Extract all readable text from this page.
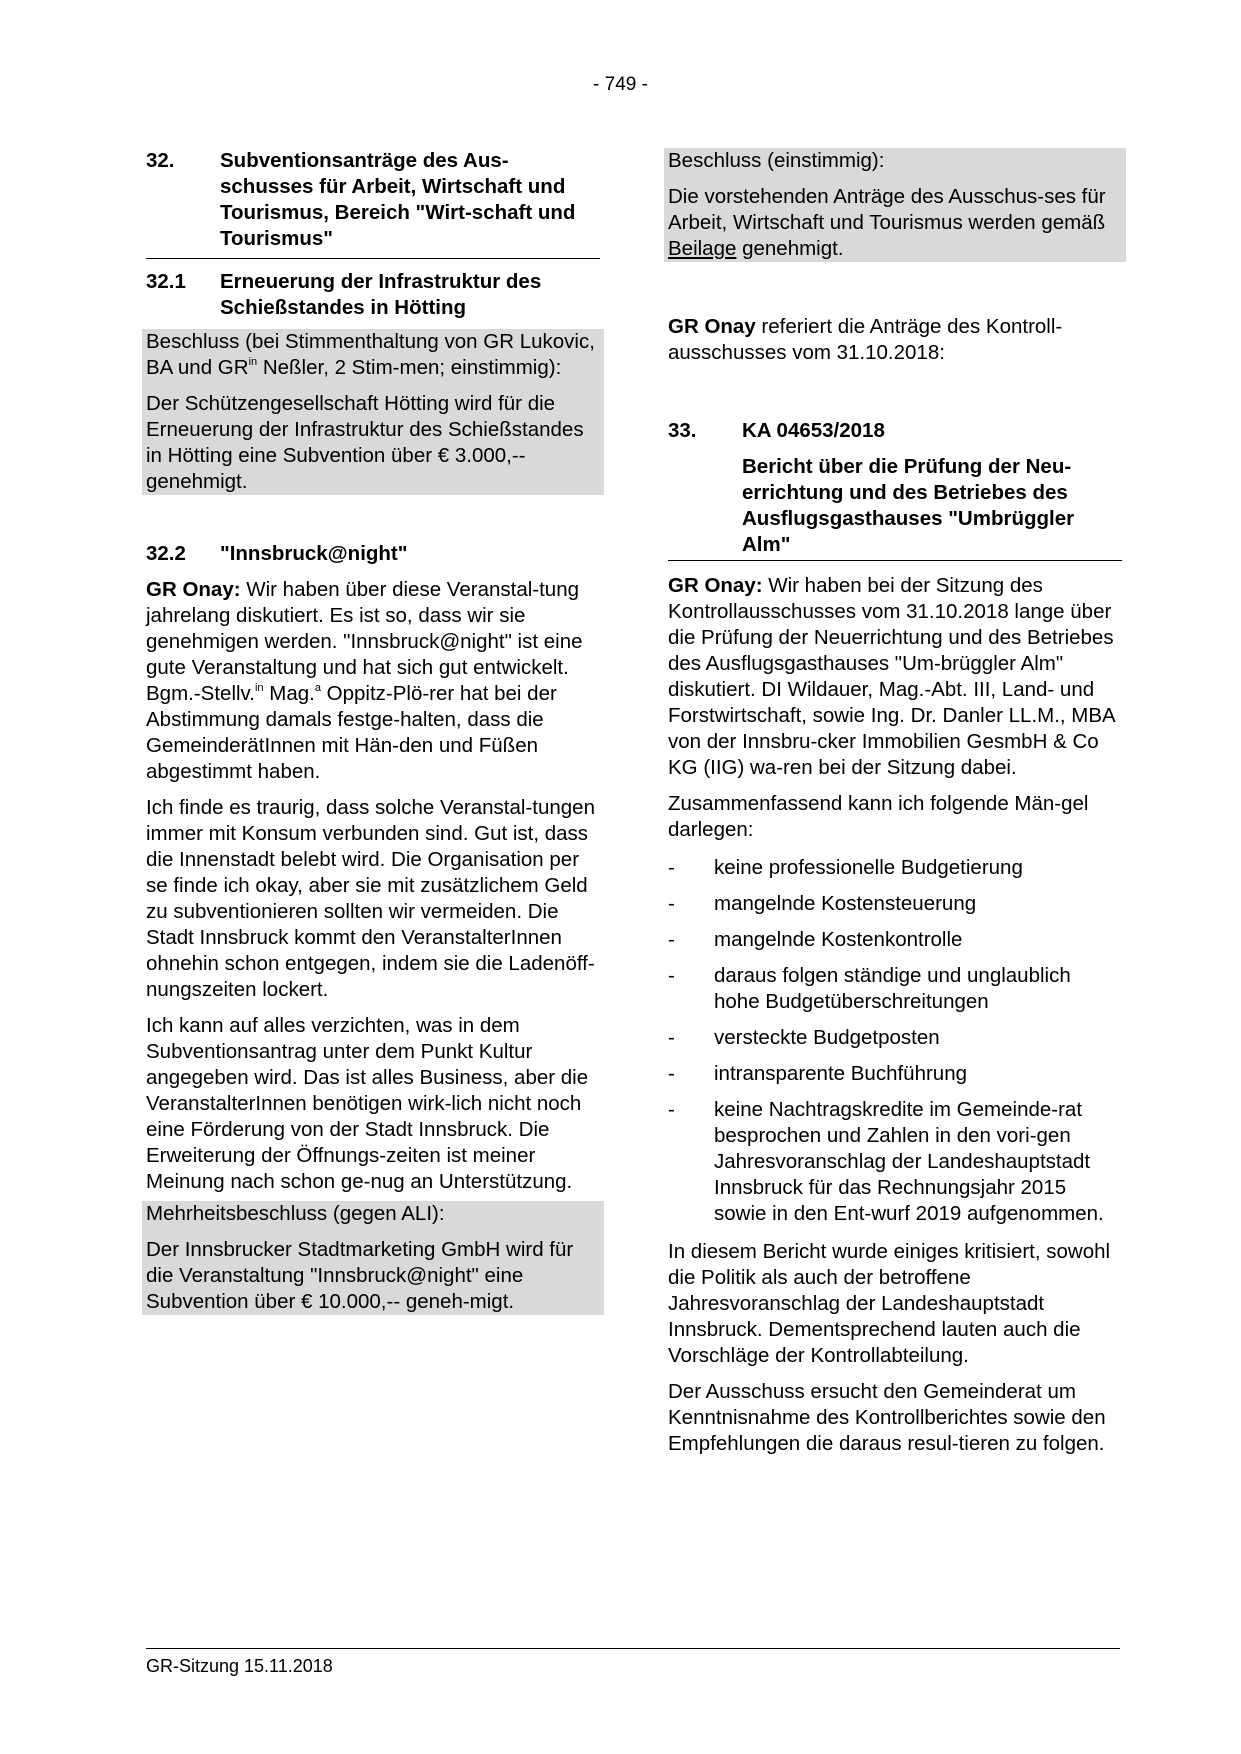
- 749 -
32.	Subventionsanträge des Aus-schusses für Arbeit, Wirtschaft und Tourismus, Bereich "Wirt-schaft und Tourismus"
32.1	Erneuerung der Infrastruktur des Schießstandes in Hötting

Beschluss (bei Stimmenthaltung von GR Lukovic, BA und $GR^{in}$ Neßler, 2 Stim-men; einstimmig):

Der Schützengesellschaft Hötting wird für die Erneuerung der Infrastruktur des Schießstandes in Hötting eine Subvention über € 3.000,-- genehmigt.

32.2	"Innsbruck@night"

GR Onay: Wir haben über diese Veranstal-tung jahrelang diskutiert. Es ist so, dass wir sie genehmigen werden. "Innsbruck@night" ist eine gute Veranstaltung und hat sich gut entwickelt. Bgm.-Stellv.$^{in}$ Mag.$^a$ Oppitz-Plö-rer hat bei der Abstimmung damals festge-halten, dass die GemeinderätInnen mit Hän-den und Füßen abgestimmt haben.

Ich finde es traurig, dass solche Veranstal-tungen immer mit Konsum verbunden sind. Gut ist, dass die Innenstadt belebt wird. Die Organisation per se finde ich okay, aber sie mit zusätzlichem Geld zu subventionieren sollten wir vermeiden. Die Stadt Innsbruck kommt den VeranstalterInnen ohnehin schon entgegen, indem sie die Ladenöff-nungszeiten lockert.

Ich kann auf alles verzichten, was in dem Subventionsantrag unter dem Punkt Kultur angegeben wird. Das ist alles Business, aber die VeranstalterInnen benötigen wirk-lich nicht noch eine Förderung von der Stadt Innsbruck. Die Erweiterung der Öffnungs-zeiten ist meiner Meinung nach schon ge-nug an Unterstützung.

Mehrheitsbeschluss (gegen ALI):

Der Innsbrucker Stadtmarketing GmbH wird für die Veranstaltung "Innsbruck@night" eine Subvention über € 10.000,-- geneh-migt.

Beschluss (einstimmig):

Die vorstehenden Anträge des Ausschus-ses für Arbeit, Wirtschaft und Tourismus werden gemäß Beilage genehmigt.

GR Onay referiert die Anträge des Kontroll-ausschusses vom 31.10.2018:

33.	KA 04653/2018
Bericht über die Prüfung der Neu-errichtung und des Betriebes des Ausflugsgasthauses "Umbrüggler Alm"

GR Onay: Wir haben bei der Sitzung des Kontrollausschusses vom 31.10.2018 lange über die Prüfung der Neuerrichtung und des Betriebes des Ausflugsgasthauses "Um-brüggler Alm" diskutiert. DI Wildauer, Mag.-Abt. III, Land- und Forstwirtschaft, sowie Ing. Dr. Danler LL.M., MBA von der Innsbru-cker Immobilien GesmbH & Co KG (IIG) wa-ren bei der Sitzung dabei.

Zusammenfassend kann ich folgende Män-gel darlegen:

-	keine professionelle Budgetierung
-	mangelnde Kostensteuerung
-	mangelnde Kostenkontrolle
-	daraus folgen ständige und unglaublich hohe Budgetüberschreitungen
-	versteckte Budgetposten
-	intransparente Buchführung
-	keine Nachtragskredite im Gemeinde-rat besprochen und Zahlen in den vori-gen Jahresvoranschlag der Landeshauptstadt Innsbruck für das Rechnungsjahr 2015 sowie in den Ent-wurf 2019 aufgenommen.

In diesem Bericht wurde einiges kritisiert, sowohl die Politik als auch der betroffene Jahresvoranschlag der Landeshauptstadt Innsbruck. Dementsprechend lauten auch die Vorschläge der Kontrollabteilung.

Der Ausschuss ersucht den Gemeinderat um Kenntnisnahme des Kontrollberichtes sowie den Empfehlungen die daraus resul-tieren zu folgen.

GR-Sitzung 15.11.2018
